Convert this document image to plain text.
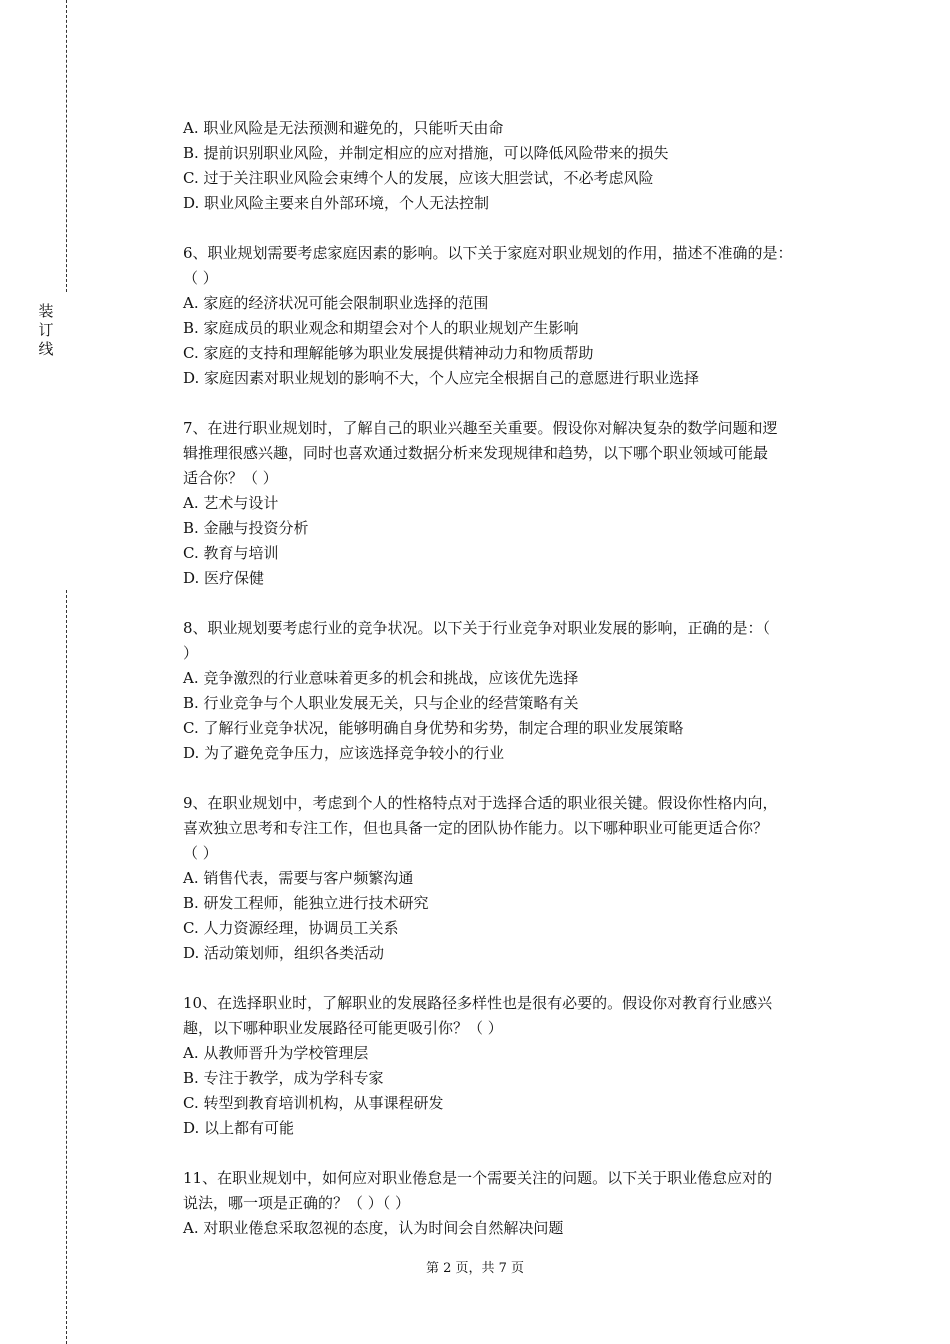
装
订
线
A. 职业风险是无法预测和避免的，只能听天由命
B. 提前识别职业风险，并制定相应的应对措施，可以降低风险带来的损失
C. 过于关注职业风险会束缚个人的发展，应该大胆尝试，不必考虑风险
D. 职业风险主要来自外部环境，个人无法控制
6、职业规划需要考虑家庭因素的影响。以下关于家庭对职业规划的作用，描述不准确的是：
（ ）
A. 家庭的经济状况可能会限制职业选择的范围
B. 家庭成员的职业观念和期望会对个人的职业规划产生影响
C. 家庭的支持和理解能够为职业发展提供精神动力和物质帮助
D. 家庭因素对职业规划的影响不大，个人应完全根据自己的意愿进行职业选择
7、在进行职业规划时，了解自己的职业兴趣至关重要。假设你对解决复杂的数学问题和逻
辑推理很感兴趣，同时也喜欢通过数据分析来发现规律和趋势，以下哪个职业领域可能最
适合你？（ ）
A. 艺术与设计
B. 金融与投资分析
C. 教育与培训
D. 医疗保健
8、职业规划要考虑行业的竞争状况。以下关于行业竞争对职业发展的影响，正确的是：（
）
A. 竞争激烈的行业意味着更多的机会和挑战，应该优先选择
B. 行业竞争与个人职业发展无关，只与企业的经营策略有关
C. 了解行业竞争状况，能够明确自身优势和劣势，制定合理的职业发展策略
D. 为了避免竞争压力，应该选择竞争较小的行业
9、在职业规划中，考虑到个人的性格特点对于选择合适的职业很关键。假设你性格内向，
喜欢独立思考和专注工作，但也具备一定的团队协作能力。以下哪种职业可能更适合你？
（ ）
A. 销售代表，需要与客户频繁沟通
B. 研发工程师，能独立进行技术研究
C. 人力资源经理，协调员工关系
D. 活动策划师，组织各类活动
10、在选择职业时，了解职业的发展路径多样性也是很有必要的。假设你对教育行业感兴
趣，以下哪种职业发展路径可能更吸引你？（ ）
A. 从教师晋升为学校管理层
B. 专注于教学，成为学科专家
C. 转型到教育培训机构，从事课程研发
D. 以上都有可能
11、在职业规划中，如何应对职业倦怠是一个需要关注的问题。以下关于职业倦怠应对的
说法，哪一项是正确的？（ ）（ ）
A. 对职业倦怠采取忽视的态度，认为时间会自然解决问题
第 2 页，共 7 页
